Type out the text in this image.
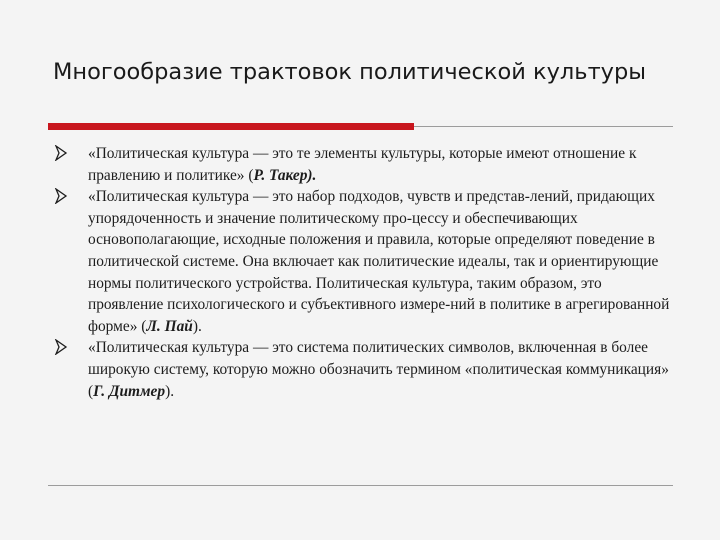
Многообразие трактовок политической культуры
«Политическая культура — это те элементы культуры, которые имеют отношение к правлению и политике» (Р. Такер).
«Политическая культура — это набор подходов, чувств и представ-лений, придающих упорядоченность и значение политическому про-цессу и обеспечивающих основополагающие, исходные положения и правила, которые определяют поведение в политической системе. Она включает как политические идеалы, так и ориентирующие нормы политического устройства. Политическая культура, таким образом, это проявление психологического и субъективного измере-ний в политике в агрегированной форме» (Л. Пай).
«Политическая культура — это система политических символов, включенная в более широкую систему, которую можно обозначить термином «политическая коммуникация» (Г. Дитмер).
